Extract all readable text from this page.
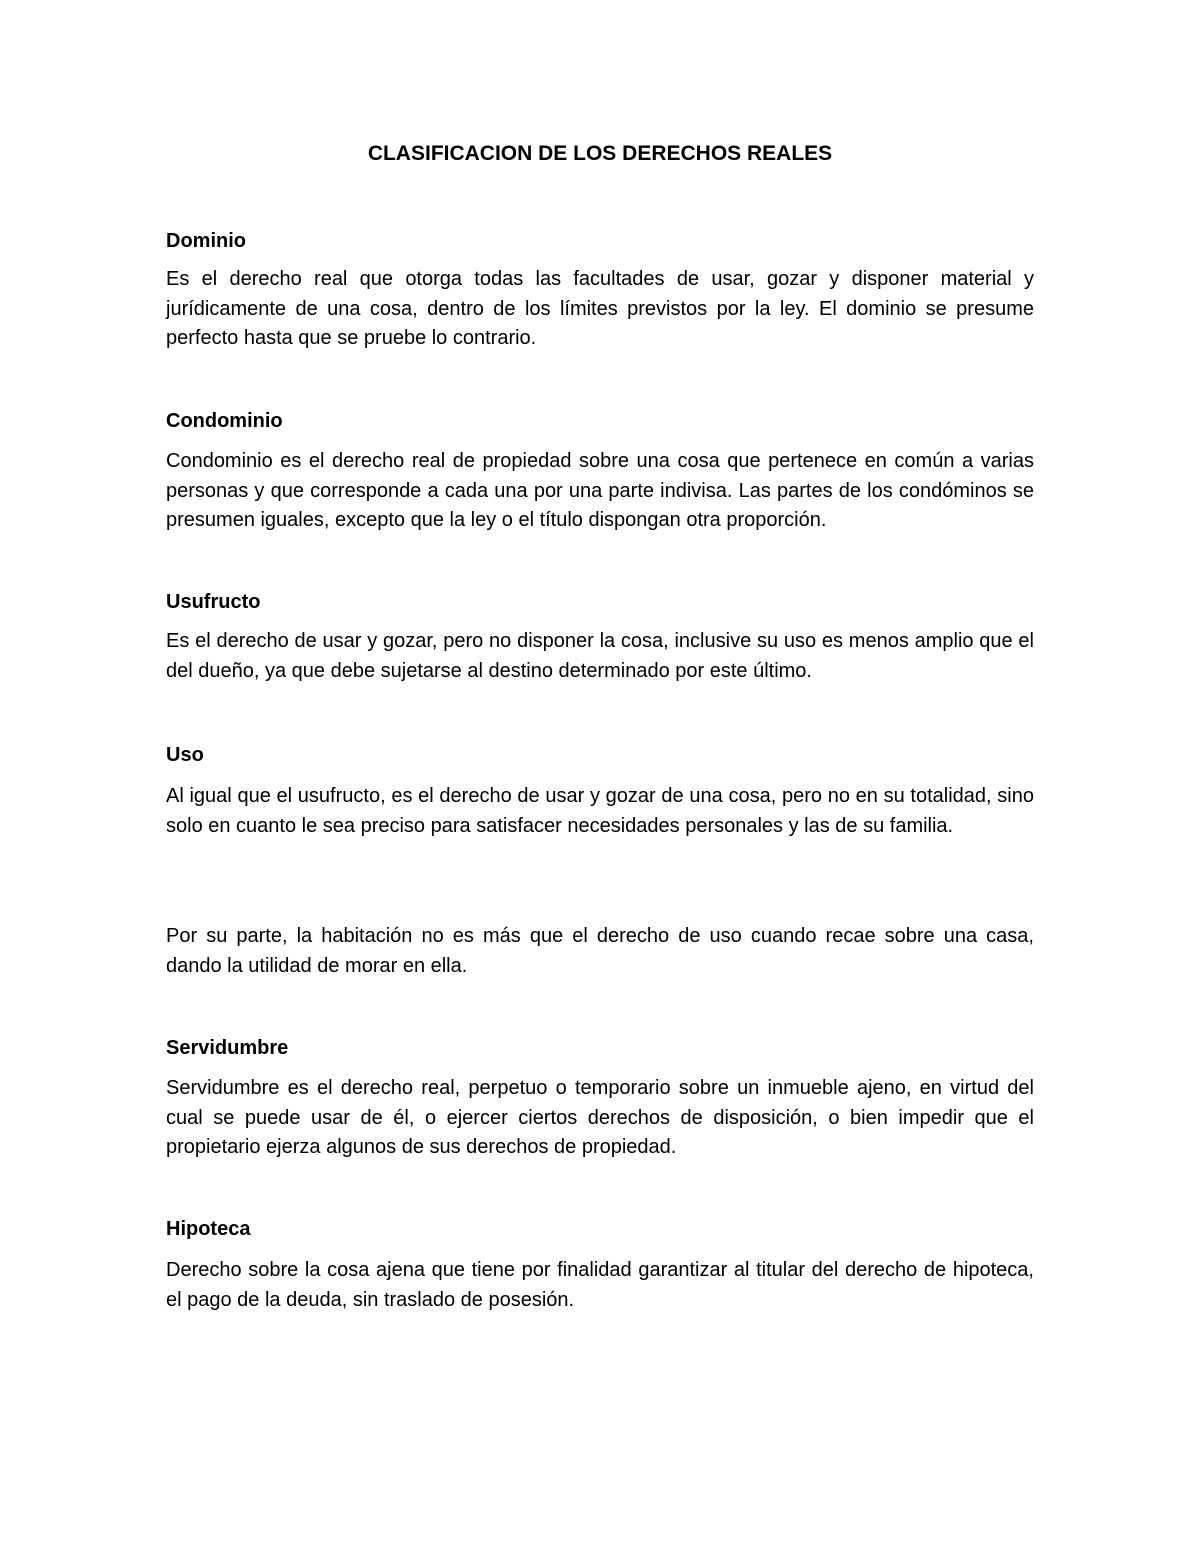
CLASIFICACION DE LOS DERECHOS REALES
Dominio

Es el derecho real que otorga todas las facultades de usar, gozar y disponer material y jurídicamente de una cosa, dentro de los límites previstos por la ley. El dominio se presume perfecto hasta que se pruebe lo contrario.

Condominio

Condominio es el derecho real de propiedad sobre una cosa que pertenece en común a varias personas y que corresponde a cada una por una parte indivisa. Las partes de los condóminos se presumen iguales, excepto que la ley o el título dispongan otra proporción.

Usufructo

Es el derecho de usar y gozar, pero no disponer la cosa, inclusive su uso es menos amplio que el del dueño, ya que debe sujetarse al destino determinado por este último.

Uso

Al igual que el usufructo, es el derecho de usar y gozar de una cosa, pero no en su totalidad, sino solo en cuanto le sea preciso para satisfacer necesidades personales y las de su familia.

Por su parte, la habitación no es más que el derecho de uso cuando recae sobre una casa, dando la utilidad de morar en ella.

Servidumbre

Servidumbre es el derecho real, perpetuo o temporario sobre un inmueble ajeno, en virtud del cual se puede usar de él, o ejercer ciertos derechos de disposición, o bien impedir que el propietario ejerza algunos de sus derechos de propiedad.

Hipoteca

Derecho sobre la cosa ajena que tiene por finalidad garantizar al titular del derecho de hipoteca, el pago de la deuda, sin traslado de posesión.
